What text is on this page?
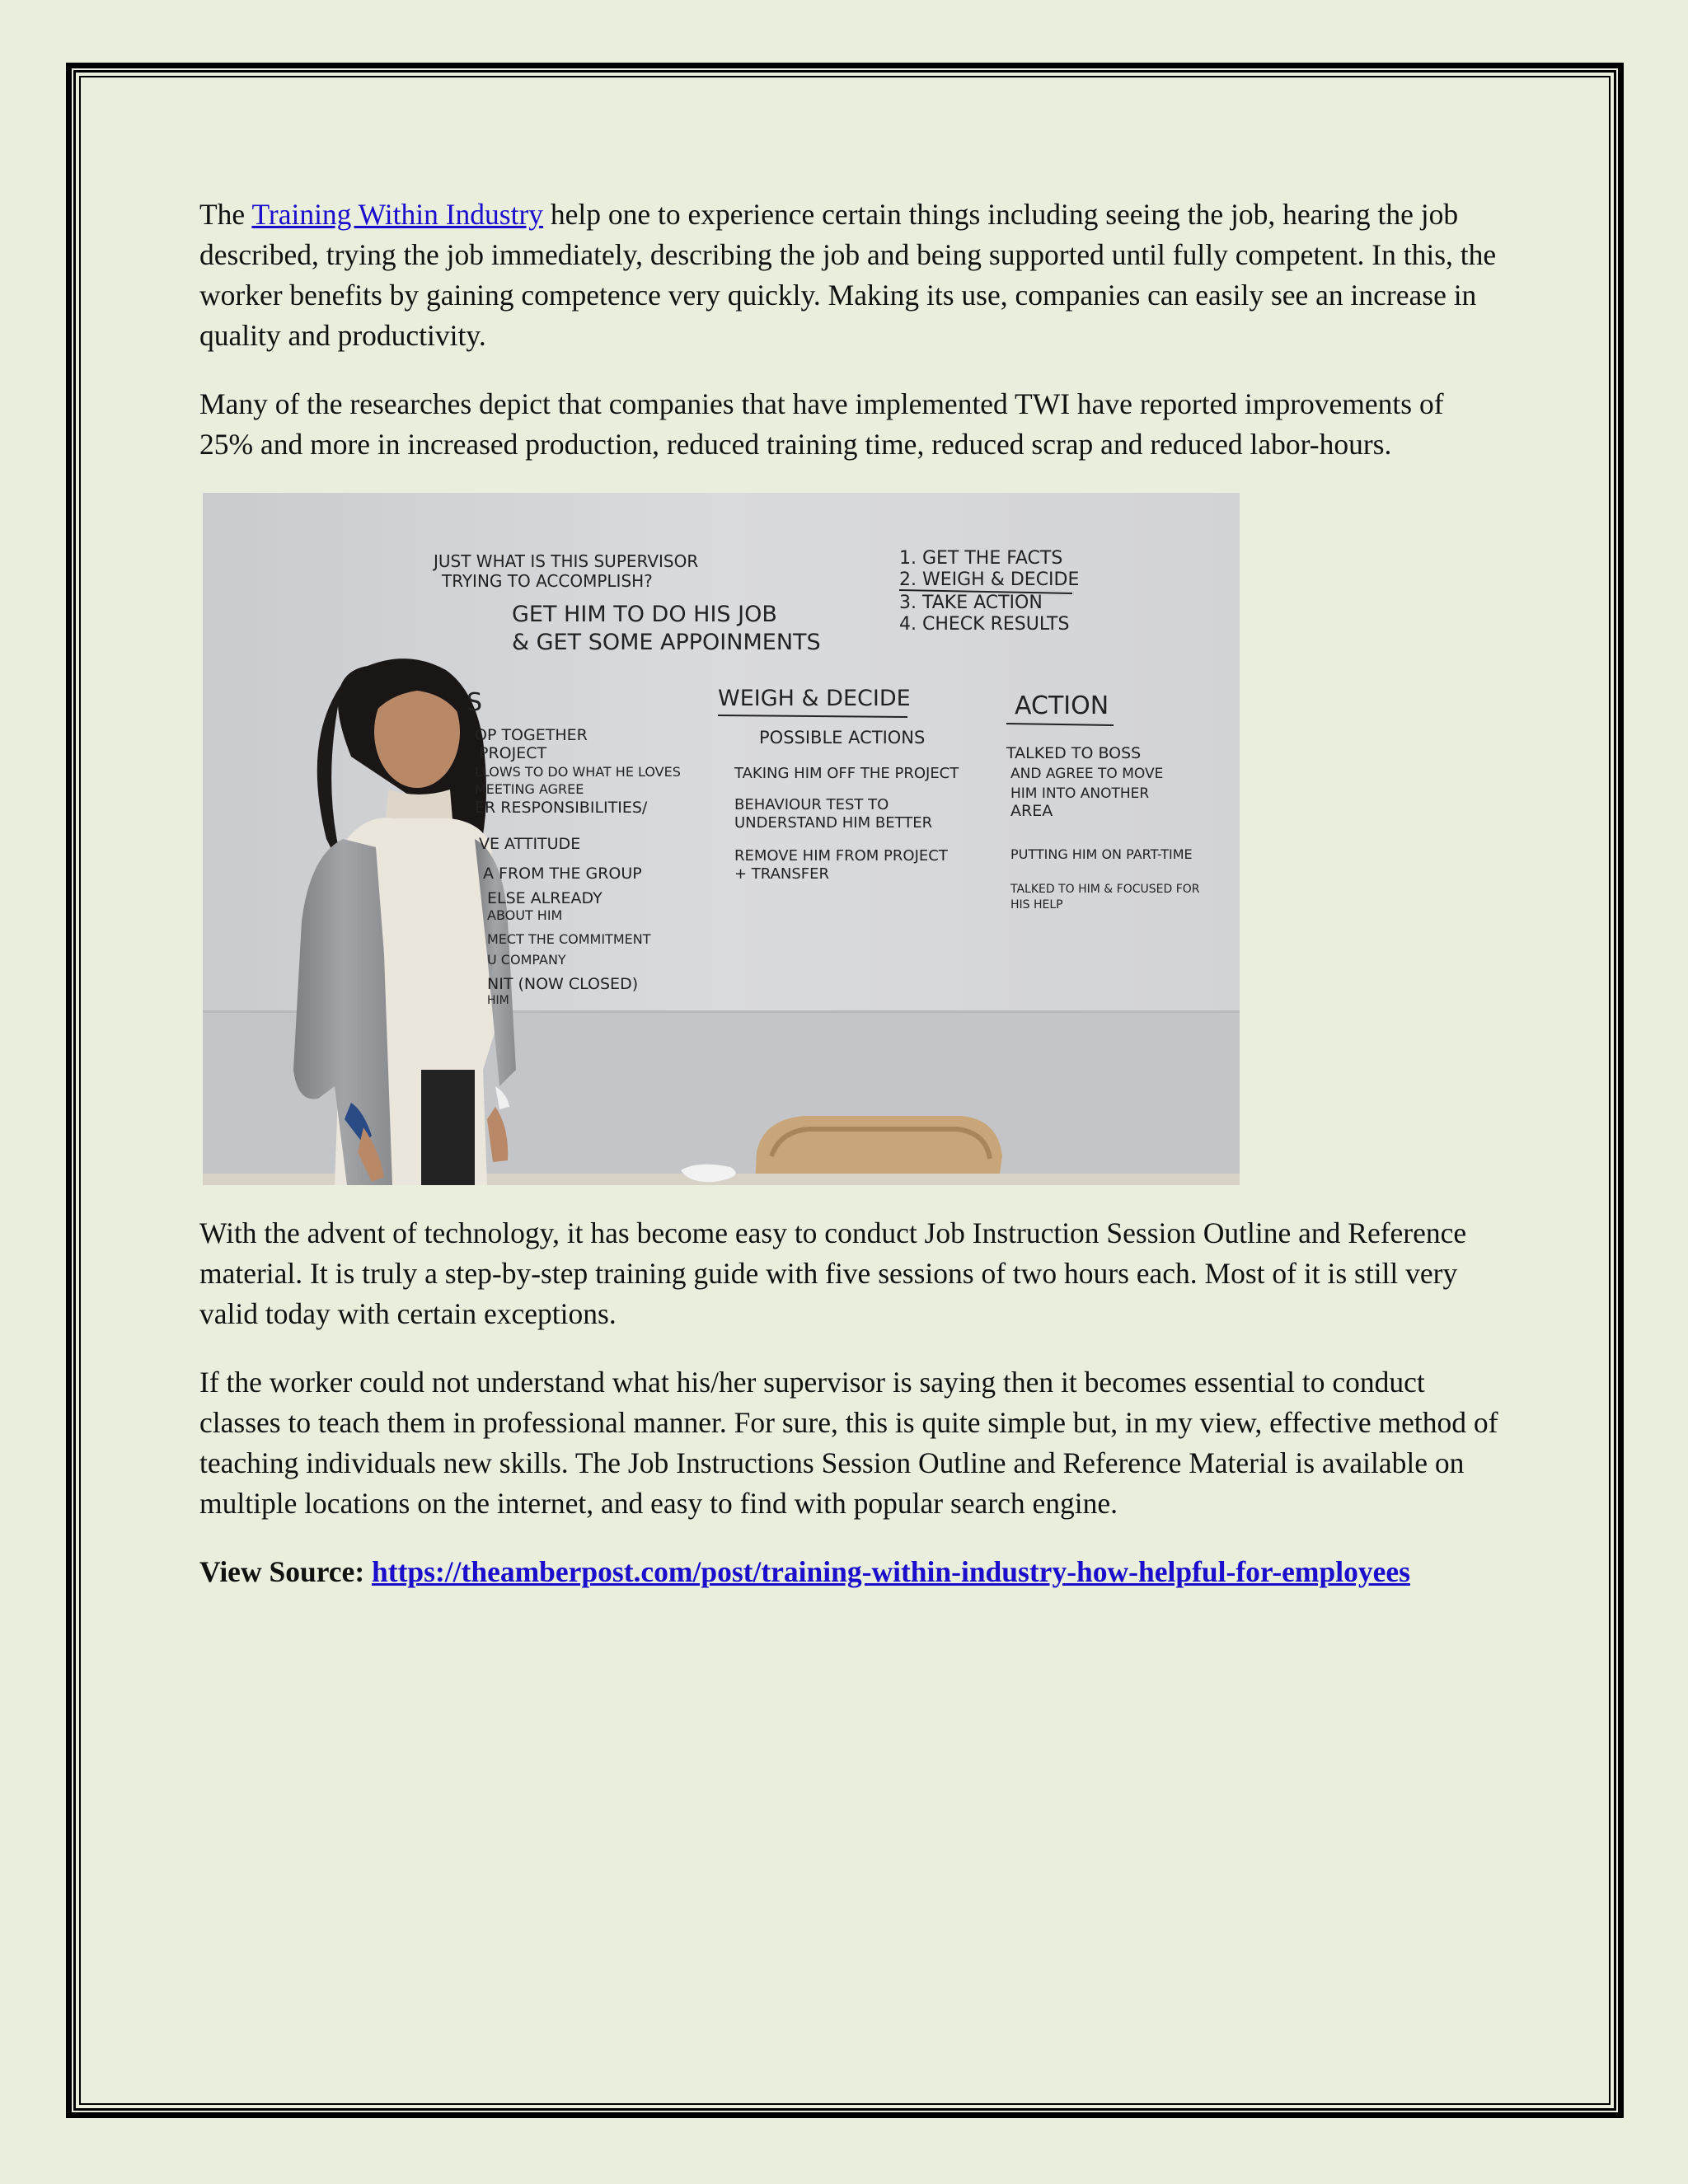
The Training Within Industry help one to experience certain things including seeing the job, hearing the job described, trying the job immediately, describing the job and being supported until fully competent. In this, the worker benefits by gaining competence very quickly. Making its use, companies can easily see an increase in quality and productivity.

Many of the researches depict that companies that have implemented TWI have reported improvements of 25% and more in increased production, reduced training time, reduced scrap and reduced labor-hours.

JUST WHAT IS THIS SUPERVISOR
TRYING TO ACCOMPLISH?
GET HIM TO DO HIS JOB
& GET SOME APPOINMENTS
1. GET THE FACTS
2. WEIGH & DECIDE
3. TAKE ACTION
4. CHECK RESULTS
S
OP TOGETHER
PROJECT
LLOWS TO DO WHAT HE LOVES
MEETING AGREE
ER RESPONSIBILITIES/
VE ATTITUDE
A FROM THE GROUP
ELSE ALREADY
ABOUT HIM
MECT THE COMMITMENT
U COMPANY
NIT (NOW CLOSED)
HIM
WEIGH & DECIDE
POSSIBLE ACTIONS
TAKING HIM OFF THE PROJECT
BEHAVIOUR TEST TO
UNDERSTAND HIM BETTER
REMOVE HIM FROM PROJECT
+ TRANSFER
ACTION
TALKED TO BOSS
AND AGREE TO MOVE
HIM INTO ANOTHER
AREA
PUTTING HIM ON PART-TIME
TALKED TO HIM & FOCUSED FOR
HIS HELP

With the advent of technology, it has become easy to conduct Job Instruction Session Outline and Reference material. It is truly a step-by-step training guide with five sessions of two hours each. Most of it is still very valid today with certain exceptions.

If the worker could not understand what his/her supervisor is saying then it becomes essential to conduct classes to teach them in professional manner. For sure, this is quite simple but, in my view, effective method of teaching individuals new skills. The Job Instructions Session Outline and Reference Material is available on multiple locations on the internet, and easy to find with popular search engine.

View Source: https://theamberpost.com/post/training-within-industry-how-helpful-for-employees
